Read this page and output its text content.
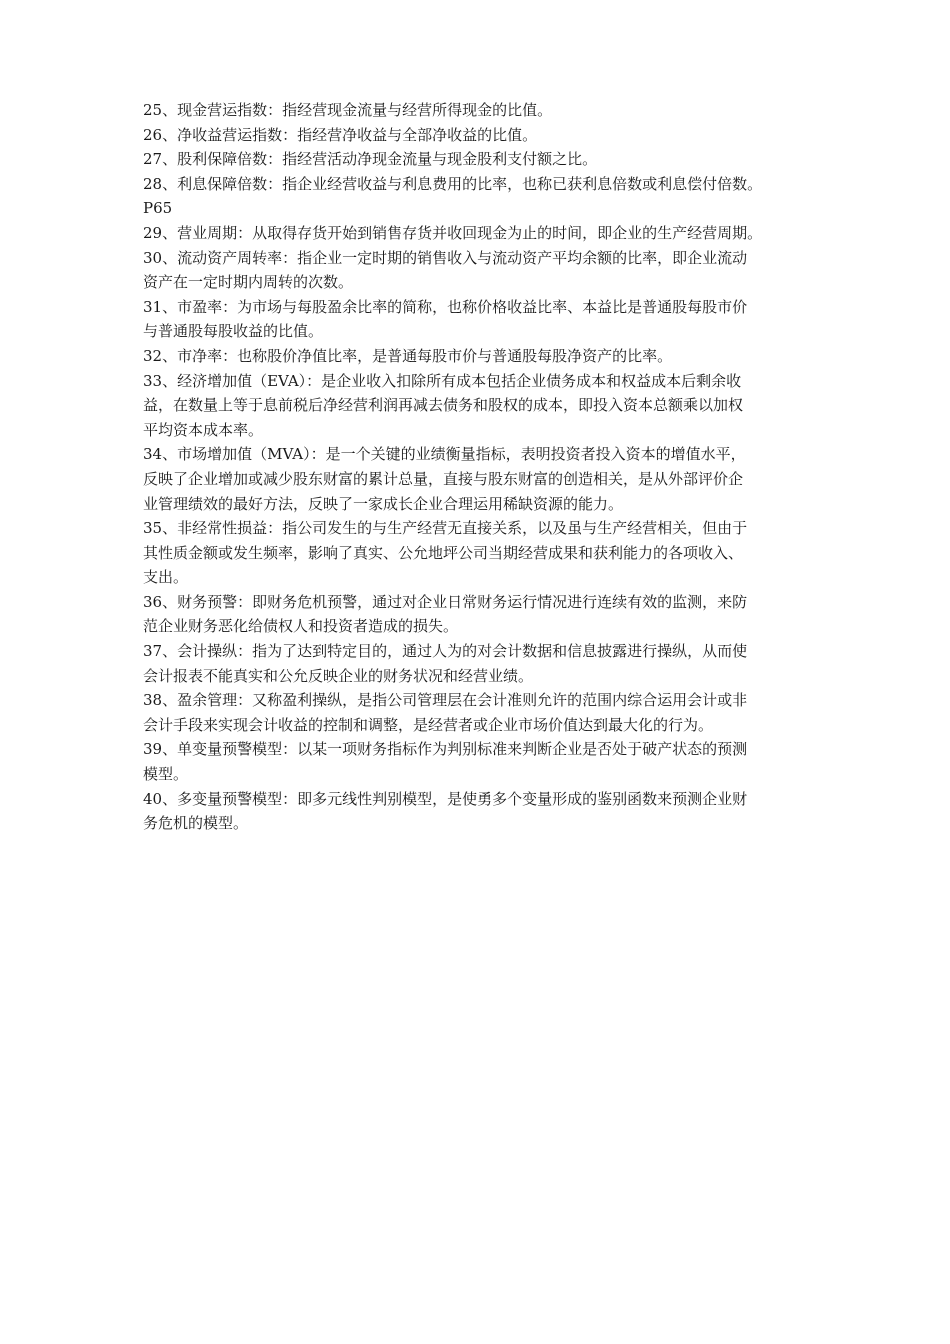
25、现金营运指数：指经营现金流量与经营所得现金的比值。
26、净收益营运指数：指经营净收益与全部净收益的比值。
27、股利保障倍数：指经营活动净现金流量与现金股利支付额之比。
28、利息保障倍数：指企业经营收益与利息费用的比率，也称已获利息倍数或利息偿付倍数。
P65
29、营业周期：从取得存货开始到销售存货并收回现金为止的时间，即企业的生产经营周期。
30、流动资产周转率：指企业一定时期的销售收入与流动资产平均余额的比率，即企业流动
资产在一定时期内周转的次数。
31、市盈率：为市场与每股盈余比率的简称，也称价格收益比率、本益比是普通股每股市价
与普通股每股收益的比值。
32、市净率：也称股价净值比率，是普通每股市价与普通股每股净资产的比率。
33、经济增加值（EVA）：是企业收入扣除所有成本包括企业债务成本和权益成本后剩余收
益，在数量上等于息前税后净经营利润再减去债务和股权的成本，即投入资本总额乘以加权
平均资本成本率。
34、市场增加值（MVA）：是一个关键的业绩衡量指标，表明投资者投入资本的增值水平，
反映了企业增加或减少股东财富的累计总量，直接与股东财富的创造相关，是从外部评价企
业管理绩效的最好方法，反映了一家成长企业合理运用稀缺资源的能力。
35、非经常性损益：指公司发生的与生产经营无直接关系，以及虽与生产经营相关，但由于
其性质金额或发生频率，影响了真实、公允地坪公司当期经营成果和获利能力的各项收入、
支出。
36、财务预警：即财务危机预警，通过对企业日常财务运行情况进行连续有效的监测，来防
范企业财务恶化给债权人和投资者造成的损失。
37、会计操纵：指为了达到特定目的，通过人为的对会计数据和信息披露进行操纵，从而使
会计报表不能真实和公允反映企业的财务状况和经营业绩。
38、盈余管理：又称盈利操纵，是指公司管理层在会计准则允许的范围内综合运用会计或非
会计手段来实现会计收益的控制和调整，是经营者或企业市场价值达到最大化的行为。
39、单变量预警模型：以某一项财务指标作为判别标准来判断企业是否处于破产状态的预测
模型。
40、多变量预警模型：即多元线性判别模型，是使勇多个变量形成的鉴别函数来预测企业财
务危机的模型。
